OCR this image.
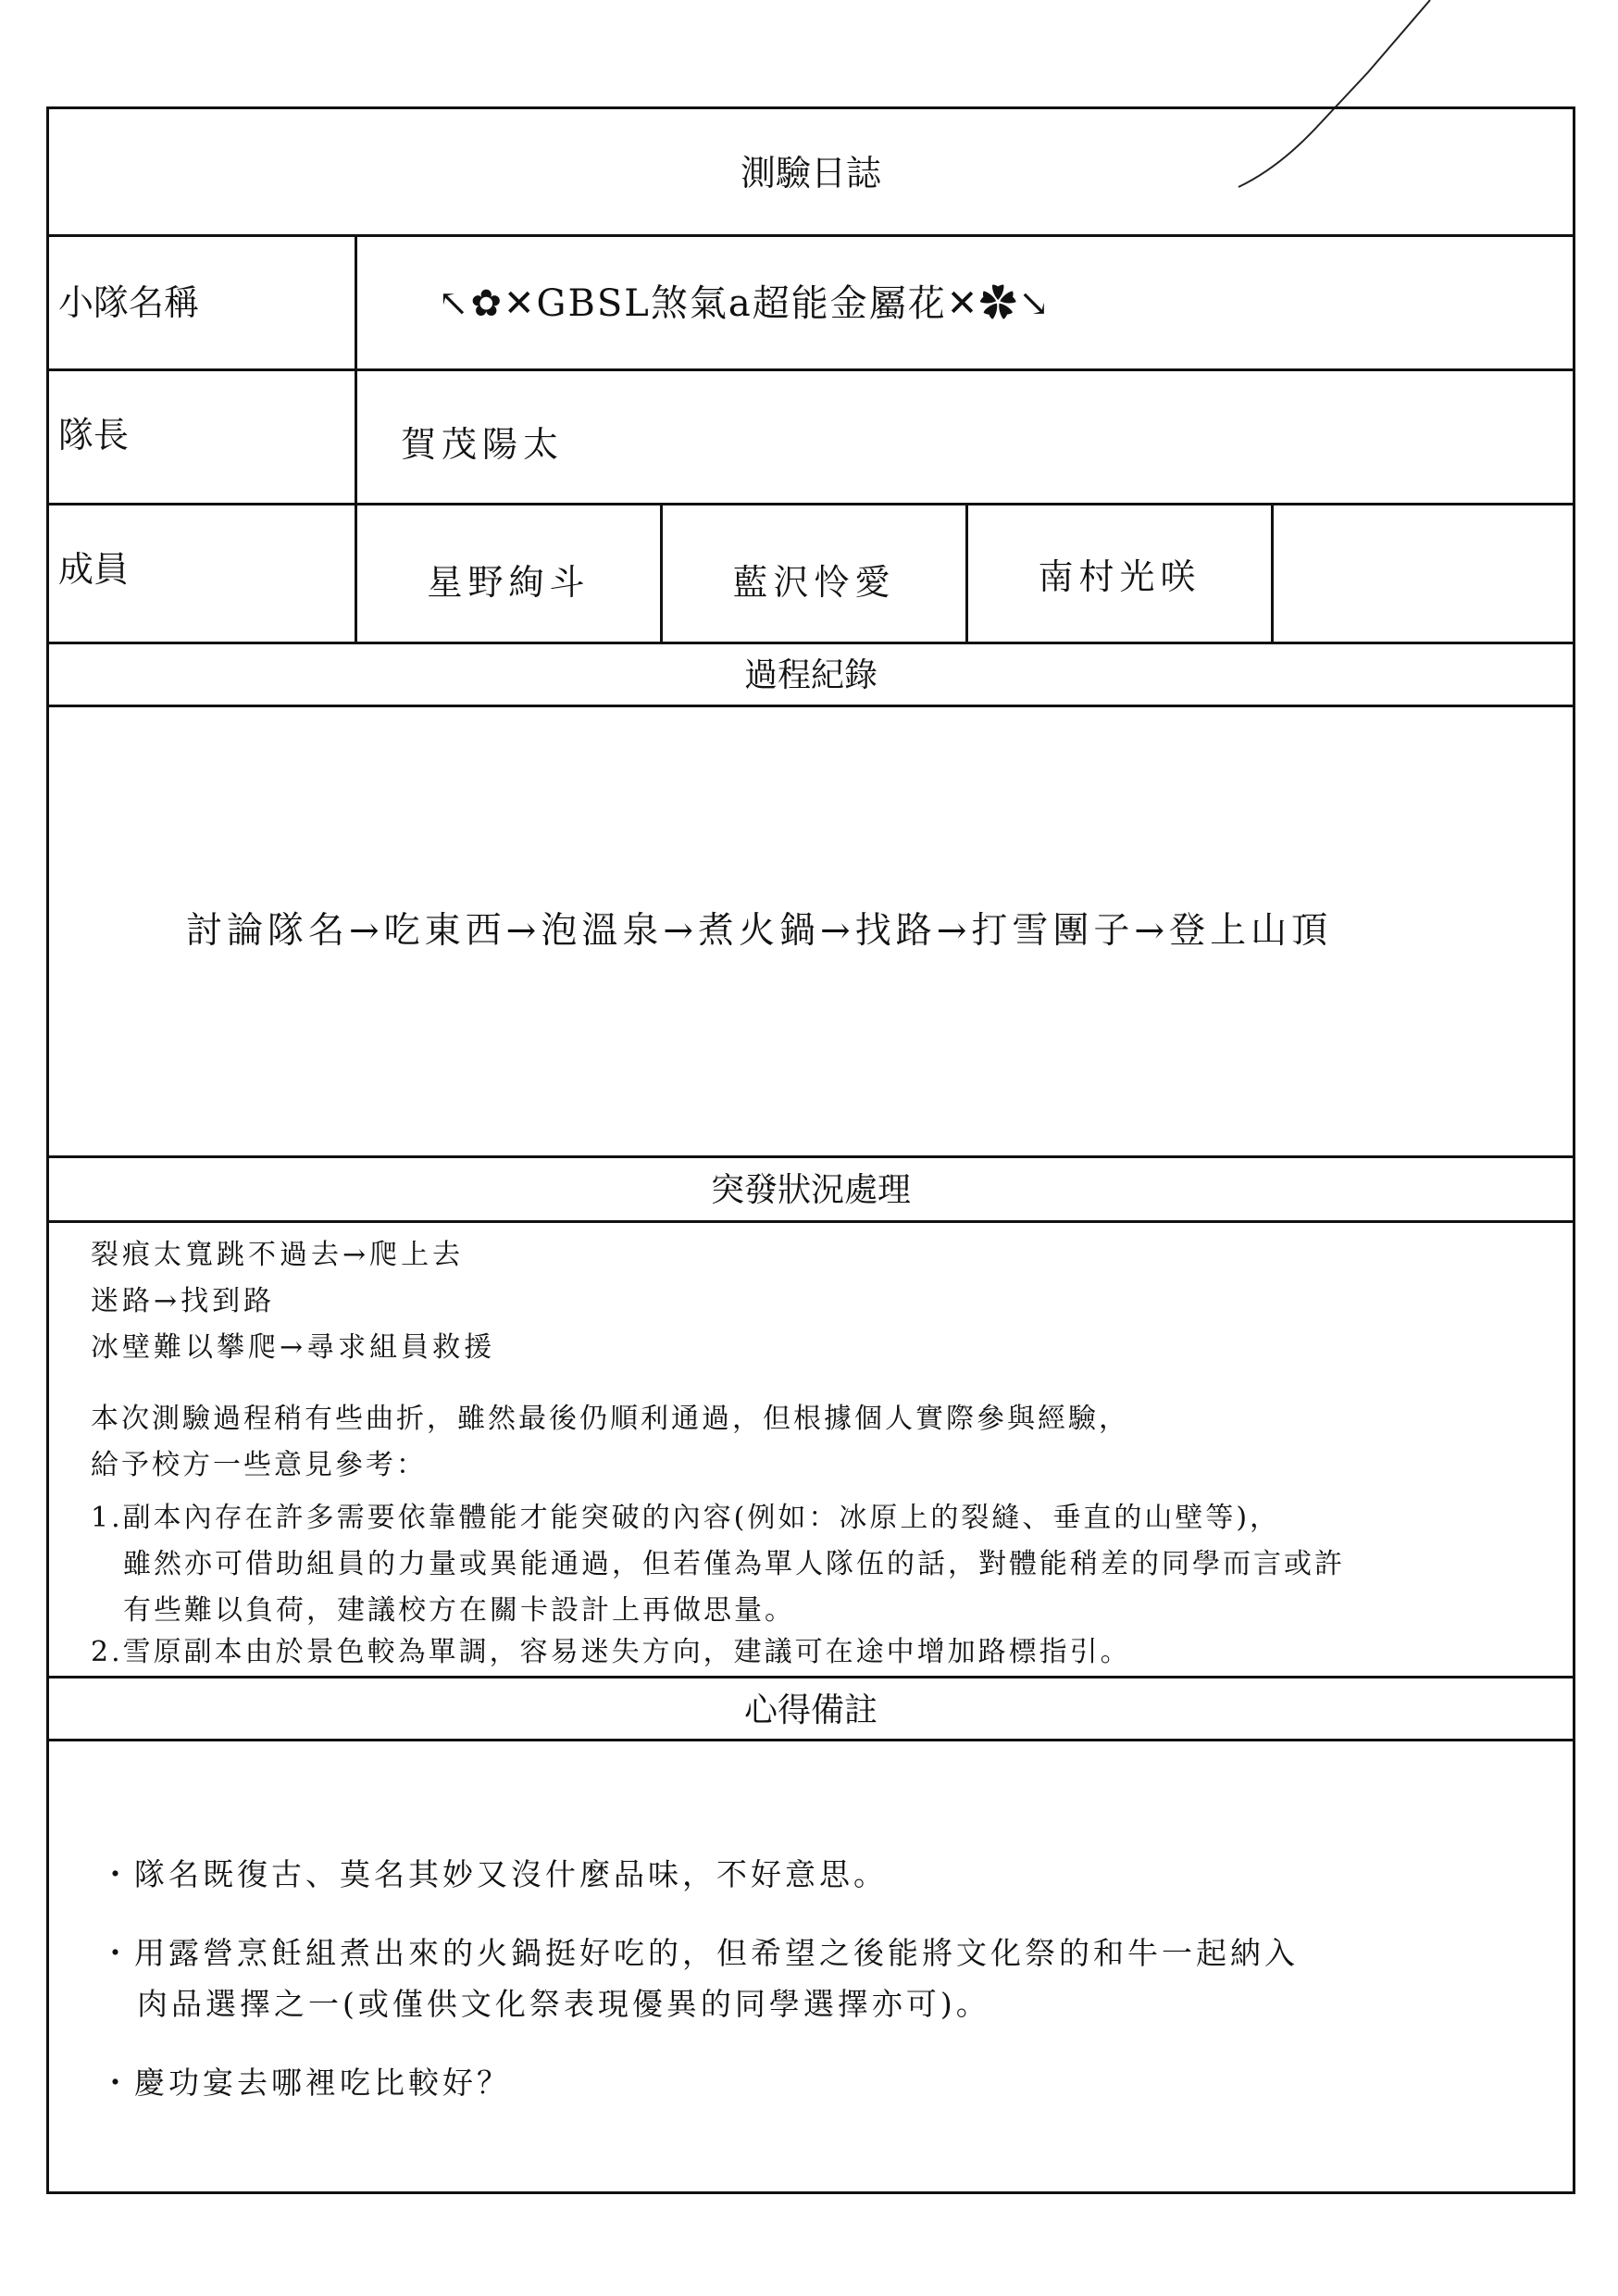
測驗日誌
小隊名稱	↖✿✕GBSL煞氣a超能金屬花✕✿↘
·
隊長	賀茂陽太
成員	星野絢斗	藍沢怜愛	南村光咲
過程紀錄
討論隊名→吃東西→泡溫泉→煮火鍋→找路→打雪團子→登上山頂
突發狀況處理
裂痕太寬跳不過去→爬上去
迷路→找到路
冰壁難以攀爬→尋求組員救援
本次測驗過程稍有些曲折，雖然最後仍順利通過，但根據個人實際參與經驗，
給予校方一些意見參考：
1.副本內存在許多需要依靠體能才能突破的內容(例如：冰原上的裂縫、垂直的山壁等)，
雖然亦可借助組員的力量或異能通過，但若僅為單人隊伍的話，對體能稍差的同學而言或許
有些難以負荷，建議校方在關卡設計上再做思量。
2.雪原副本由於景色較為單調，容易迷失方向，建議可在途中增加路標指引。
心得備註
・隊名既復古、莫名其妙又沒什麼品味，不好意思。
・用露營烹飪組煮出來的火鍋挺好吃的，但希望之後能將文化祭的和牛一起納入
肉品選擇之一(或僅供文化祭表現優異的同學選擇亦可)。
・慶功宴去哪裡吃比較好？
